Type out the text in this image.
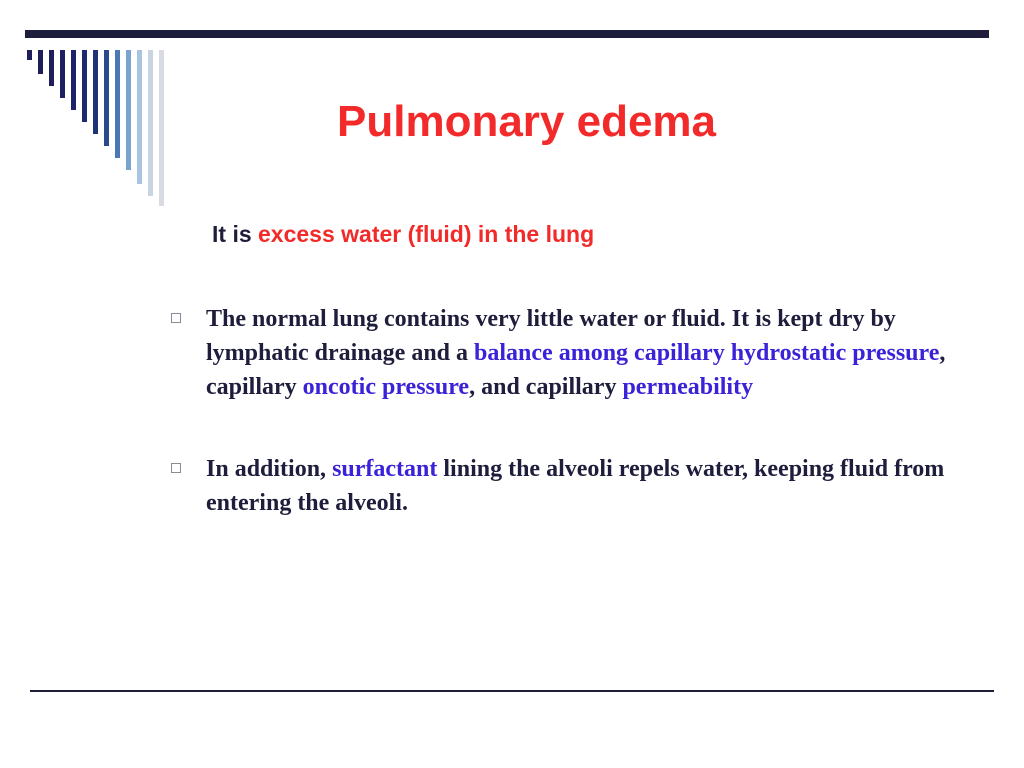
Pulmonary edema

It is excess water (fluid) in the lung

The normal lung contains very little water or fluid. It is kept dry by lymphatic drainage and a balance among capillary hydrostatic pressure, capillary oncotic pressure, and capillary permeability
In addition, surfactant lining the alveoli repels water, keeping fluid from entering the alveoli.
